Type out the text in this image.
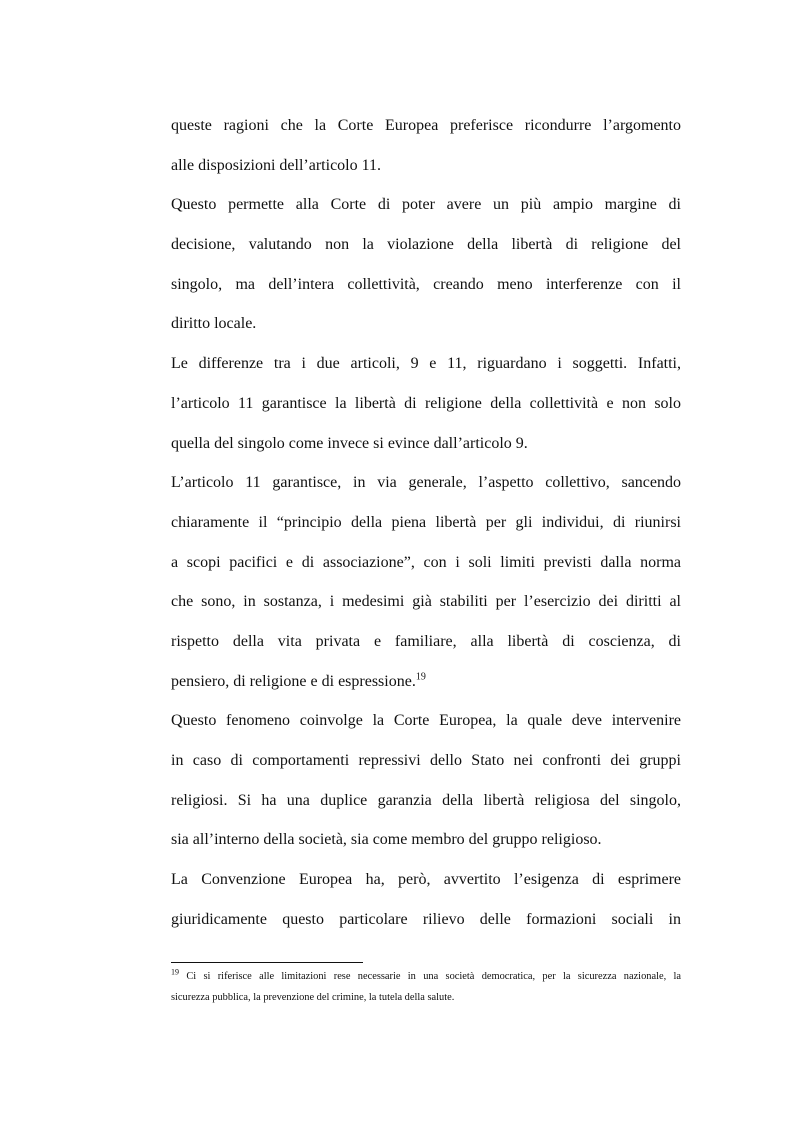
queste ragioni che la Corte Europea preferisce ricondurre l’argomento
alle disposizioni dell’articolo 11.
Questo permette alla Corte di poter avere un più ampio margine di
decisione, valutando non la violazione della libertà di religione del
singolo, ma dell’intera collettività, creando meno interferenze con il
diritto locale.
Le differenze tra i due articoli, 9 e 11, riguardano i soggetti. Infatti,
l’articolo 11 garantisce la libertà di religione della collettività e non solo
quella del singolo come invece si evince dall’articolo 9.
L’articolo 11 garantisce, in via generale, l’aspetto collettivo, sancendo
chiaramente il “principio della piena libertà per gli individui, di riunirsi
a scopi pacifici e di associazione”, con i soli limiti previsti dalla norma
che sono, in sostanza, i medesimi già stabiliti per l’esercizio dei diritti al
rispetto della vita privata e familiare, alla libertà di coscienza, di
pensiero, di religione e di espressione.$^{19}$
Questo fenomeno coinvolge la Corte Europea, la quale deve intervenire
in caso di comportamenti repressivi dello Stato nei confronti dei gruppi
religiosi. Si ha una duplice garanzia della libertà religiosa del singolo,
sia all’interno della società, sia come membro del gruppo religioso.
La Convenzione Europea ha, però, avvertito l’esigenza di esprimere
giuridicamente questo particolare rilievo delle formazioni sociali in
$^{19}$ Ci si riferisce alle limitazioni rese necessarie in una società democratica, per la sicurezza nazionale, la
sicurezza pubblica, la prevenzione del crimine, la tutela della salute.
